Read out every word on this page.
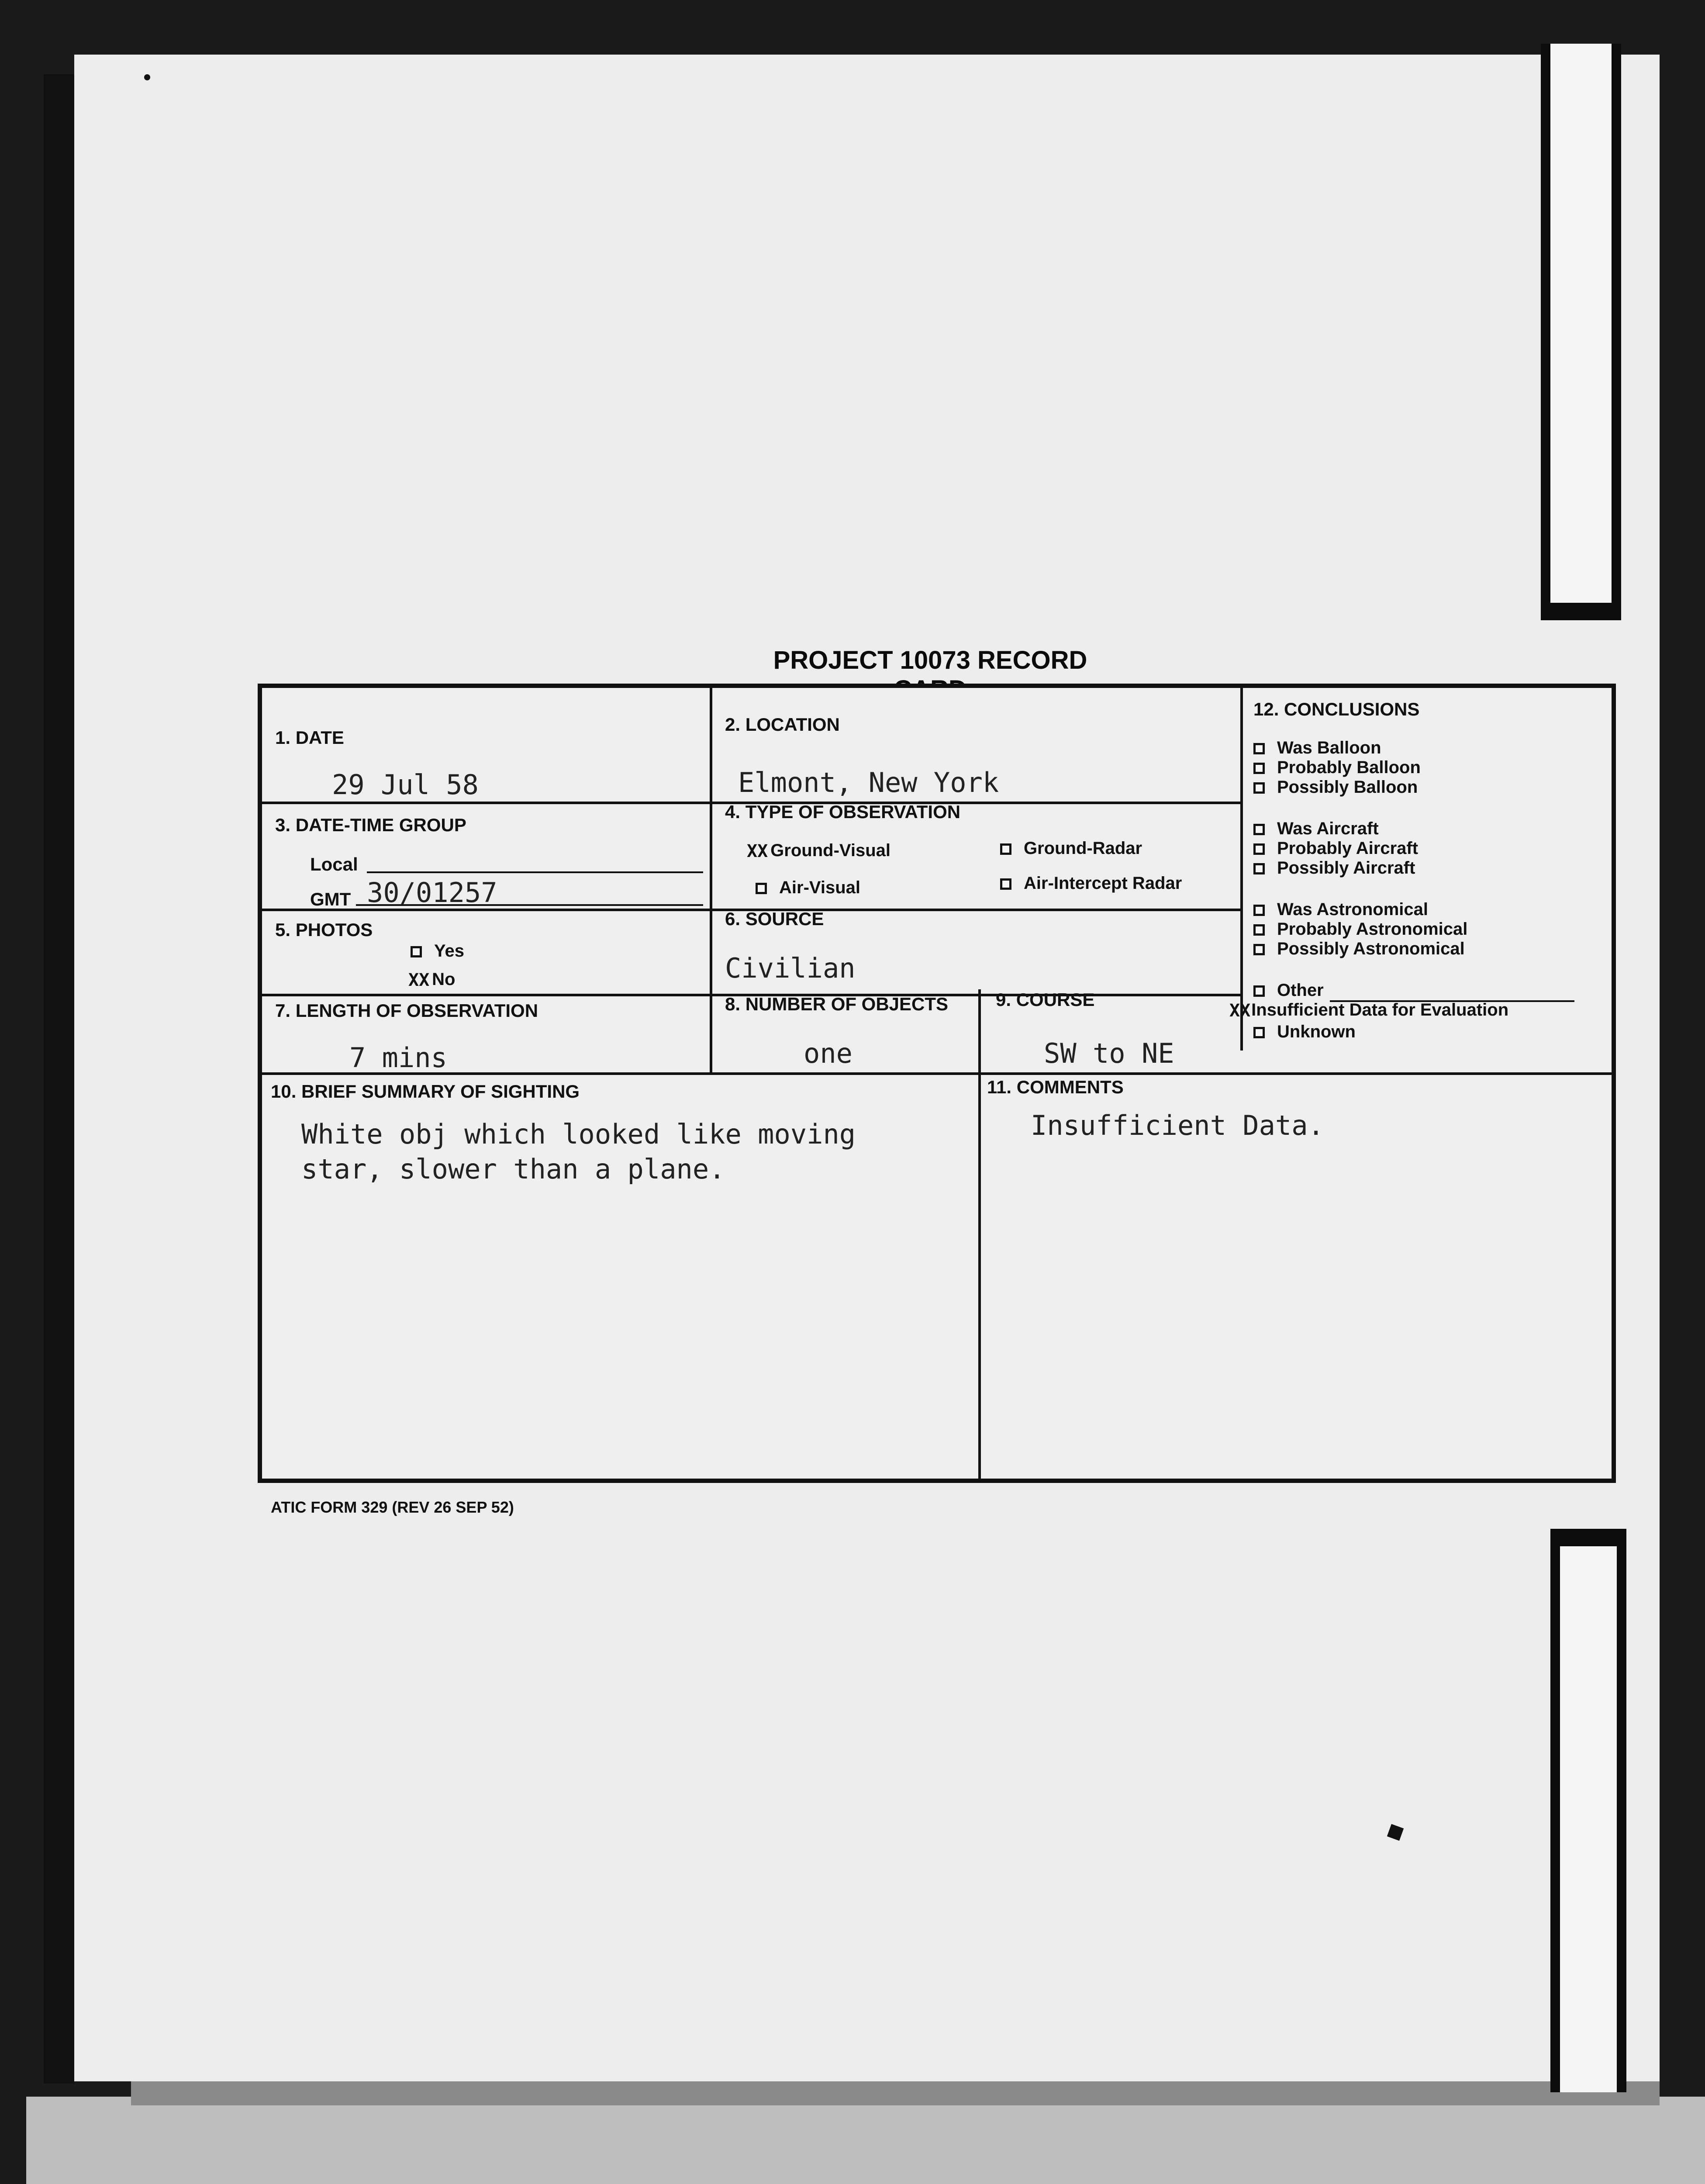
PROJECT 10073 RECORD
1. DATE
29 Jul 58
2. LOCATION
Elmont, New York
3. DATE-TIME GROUP
Local
GMT 30/01257
4. TYPE OF OBSERVATION
XX Ground-Visual	Ground-Radar
Air-Visual	Air-Intercept Radar
5. PHOTOS
Yes
XX No
6. SOURCE
Civilian
7. LENGTH OF OBSERVATION
7 mins
8. NUMBER OF OBJECTS
one
9. COURSE
SW to NE
10. BRIEF SUMMARY OF SIGHTING
White obj which looked like moving
star, slower than a plane.
11. COMMENTS
Insufficient Data.
12. CONCLUSIONS
Was Balloon
Probably Balloon
Possibly Balloon
Was Aircraft
Probably Aircraft
Possibly Aircraft
Was Astronomical
Probably Astronomical
Possibly Astronomical
Other
XXInsufficient Data for Evaluation
Unknown
ATIC FORM 329 (REV 26 SEP 52)
